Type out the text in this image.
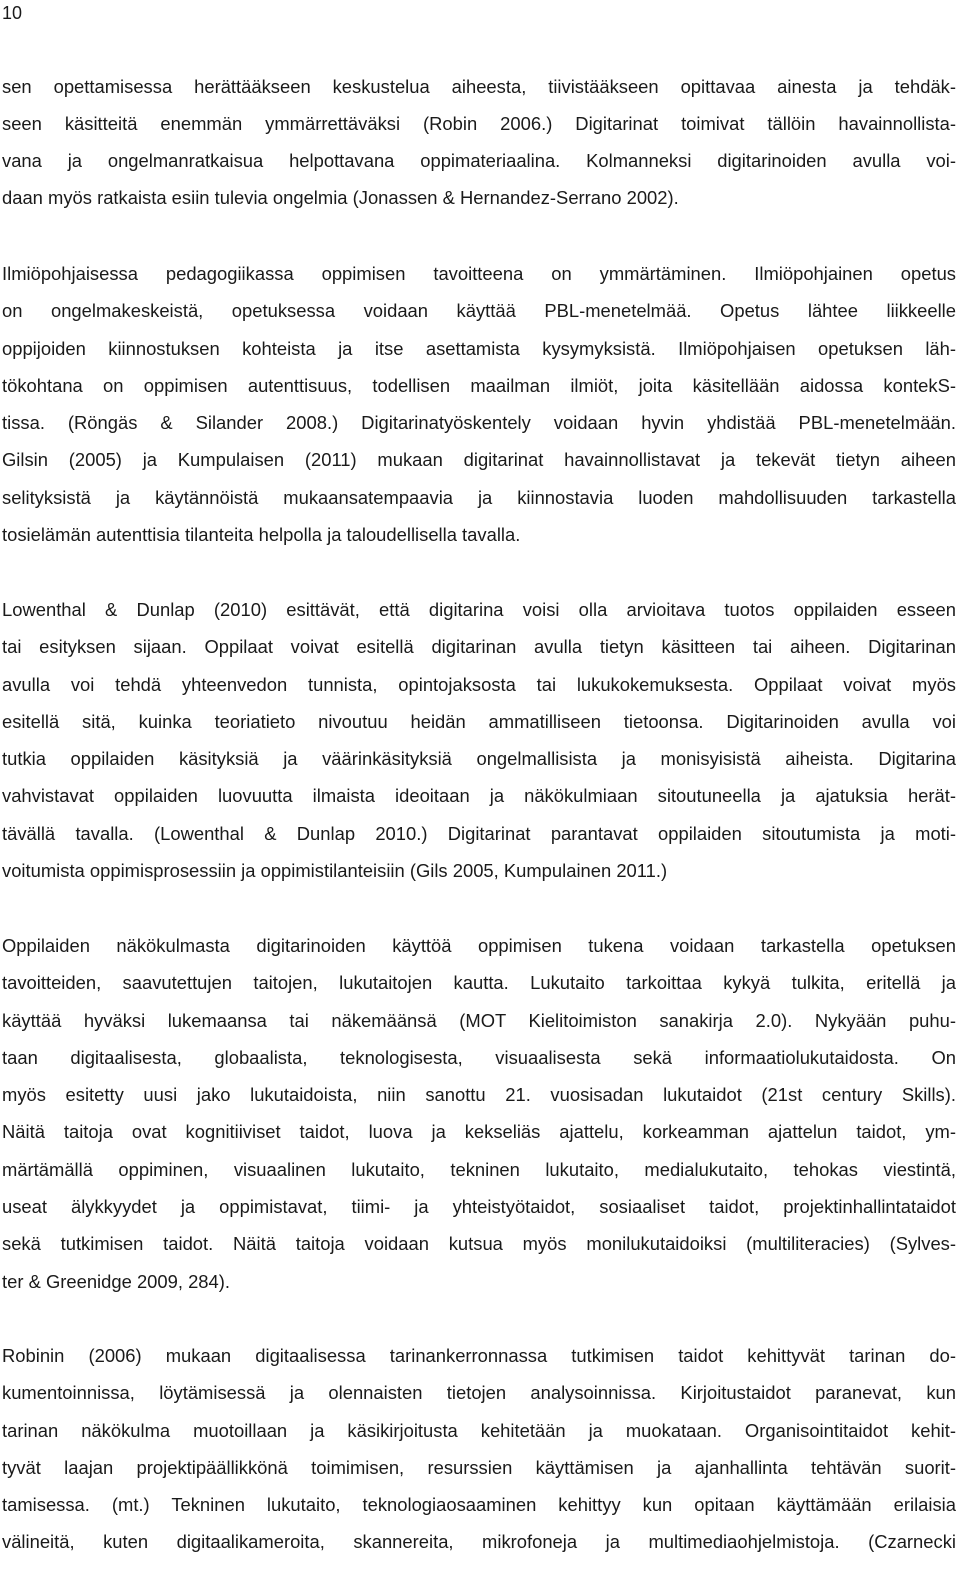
10

sen opettamisessa herättääkseen keskustelua aiheesta, tiivistääkseen opittavaa ainesta ja tehdäk-
seen käsitteitä enemmän ymmärrettäväksi (Robin 2006.) Digitarinat toimivat tällöin havainnollista-
vana ja ongelmanratkaisua helpottavana oppimateriaalina. Kolmanneksi digitarinoiden avulla voi-
daan myös ratkaista esiin tulevia ongelmia (Jonassen & Hernandez-Serrano 2002).
Ilmiöpohjaisessa pedagogiikassa oppimisen tavoitteena on ymmärtäminen. Ilmiöpohjainen opetus
on ongelmakeskeistä, opetuksessa voidaan käyttää PBL-menetelmää. Opetus lähtee liikkeelle
oppijoiden kiinnostuksen kohteista ja itse asettamista kysymyksistä. Ilmiöpohjaisen opetuksen läh-
tökohtana on oppimisen autenttisuus, todellisen maailman ilmiöt, joita käsitellään aidossa kontekS-
tissa. (Röngäs & Silander 2008.) Digitarinatyöskentely voidaan hyvin yhdistää PBL-menetelmään.
Gilsin (2005) ja Kumpulaisen (2011) mukaan digitarinat havainnollistavat ja tekevät tietyn aiheen
selityksistä ja käytännöistä mukaansatempaavia ja kiinnostavia luoden mahdollisuuden tarkastella
tosielämän autenttisia tilanteita helpolla ja taloudellisella tavalla.
Lowenthal & Dunlap (2010) esittävät, että digitarina voisi olla arvioitava tuotos oppilaiden esseen
tai esityksen sijaan. Oppilaat voivat esitellä digitarinan avulla tietyn käsitteen tai aiheen. Digitarinan
avulla voi tehdä yhteenvedon tunnista, opintojaksosta tai lukukokemuksesta. Oppilaat voivat myös
esitellä sitä, kuinka teoriatieto nivoutuu heidän ammatilliseen tietoonsa. Digitarinoiden avulla voi
tutkia oppilaiden käsityksiä ja väärinkäsityksiä ongelmallisista ja monisyisistä aiheista. Digitarina
vahvistavat oppilaiden luovuutta ilmaista ideoitaan ja näkökulmiaan sitoutuneella ja ajatuksia herät-
tävällä tavalla. (Lowenthal & Dunlap 2010.) Digitarinat parantavat oppilaiden sitoutumista ja moti-
voitumista oppimisprosessiin ja oppimistilanteisiin (Gils 2005, Kumpulainen 2011.)
Oppilaiden näkökulmasta digitarinoiden käyttöä oppimisen tukena voidaan tarkastella opetuksen
tavoitteiden, saavutettujen taitojen, lukutaitojen kautta. Lukutaito tarkoittaa kykyä tulkita, eritellä ja
käyttää hyväksi lukemaansa tai näkemäänsä (MOT Kielitoimiston sanakirja 2.0). Nykyään puhu-
taan digitaalisesta, globaalista, teknologisesta, visuaalisesta sekä informaatiolukutaidosta. On
myös esitetty uusi jako lukutaidoista, niin sanottu 21. vuosisadan lukutaidot (21st century Skills).
Näitä taitoja ovat kognitiiviset taidot, luova ja kekseliäs ajattelu, korkeamman ajattelun taidot, ym-
märtämällä oppiminen, visuaalinen lukutaito, tekninen lukutaito, medialukutaito, tehokas viestintä,
useat älykkyydet ja oppimistavat, tiimi- ja yhteistyötaidot, sosiaaliset taidot, projektinhallintataidot
sekä tutkimisen taidot. Näitä taitoja voidaan kutsua myös monilukutaidoiksi (multiliteracies) (Sylves-
ter & Greenidge 2009, 284).
Robinin (2006) mukaan digitaalisessa tarinankerronnassa tutkimisen taidot kehittyvät tarinan do-
kumentoinnissa, löytämisessä ja olennaisten tietojen analysoinnissa. Kirjoitustaidot paranevat, kun
tarinan näkökulma muotoillaan ja käsikirjoitusta kehitetään ja muokataan. Organisointitaidot kehit-
tyvät laajan projektipäällikkönä toimimisen, resurssien käyttämisen ja ajanhallinta tehtävän suorit-
tamisessa. (mt.) Tekninen lukutaito, teknologiaosaaminen kehittyy kun opitaan käyttämään erilaisia
välineitä, kuten digitaalikameroita, skannereita, mikrofoneja ja multimediaohjelmistoja. (Czarnecki
